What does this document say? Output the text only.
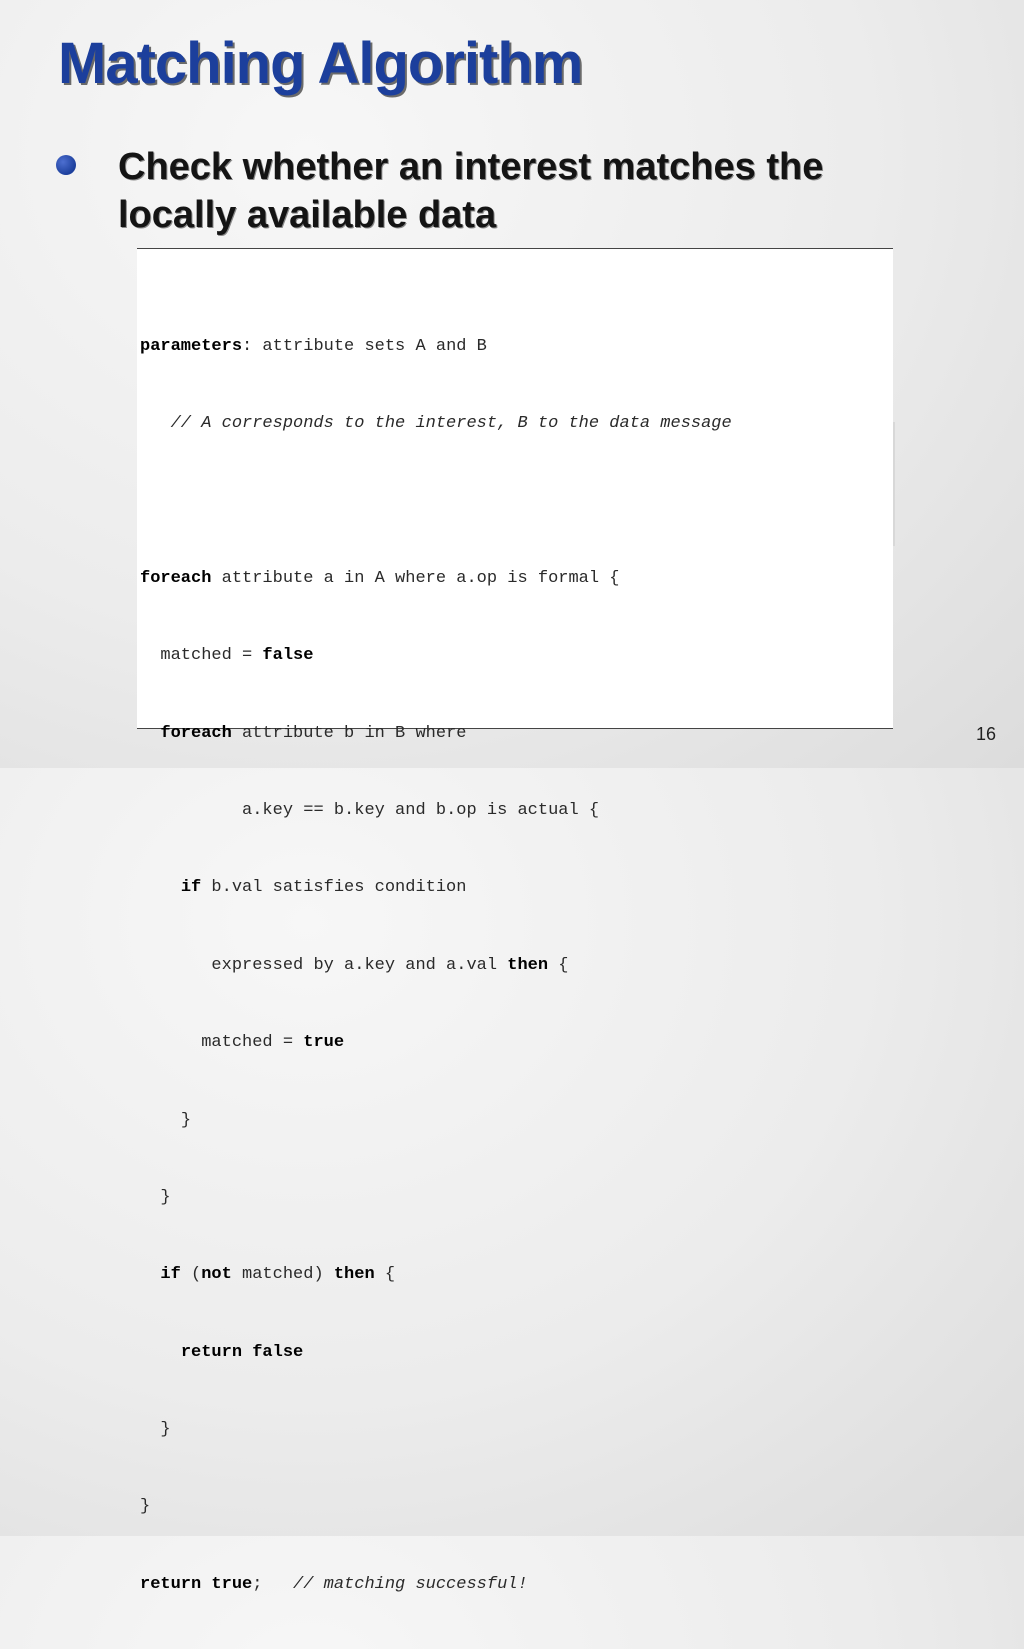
Matching Algorithm
Check whether an interest matches the
locally available data

parameters: attribute sets A and B

// A corresponds to the interest, B to the data message

foreach attribute a in A where a.op is formal {

matched = false

foreach attribute b in B where

a.key == b.key and b.op is actual {

if b.val satisfies condition

expressed by a.key and a.val then {

matched = true

}

}

if (not matched) then {

return false

}

}

return true; // matching successful!

16
